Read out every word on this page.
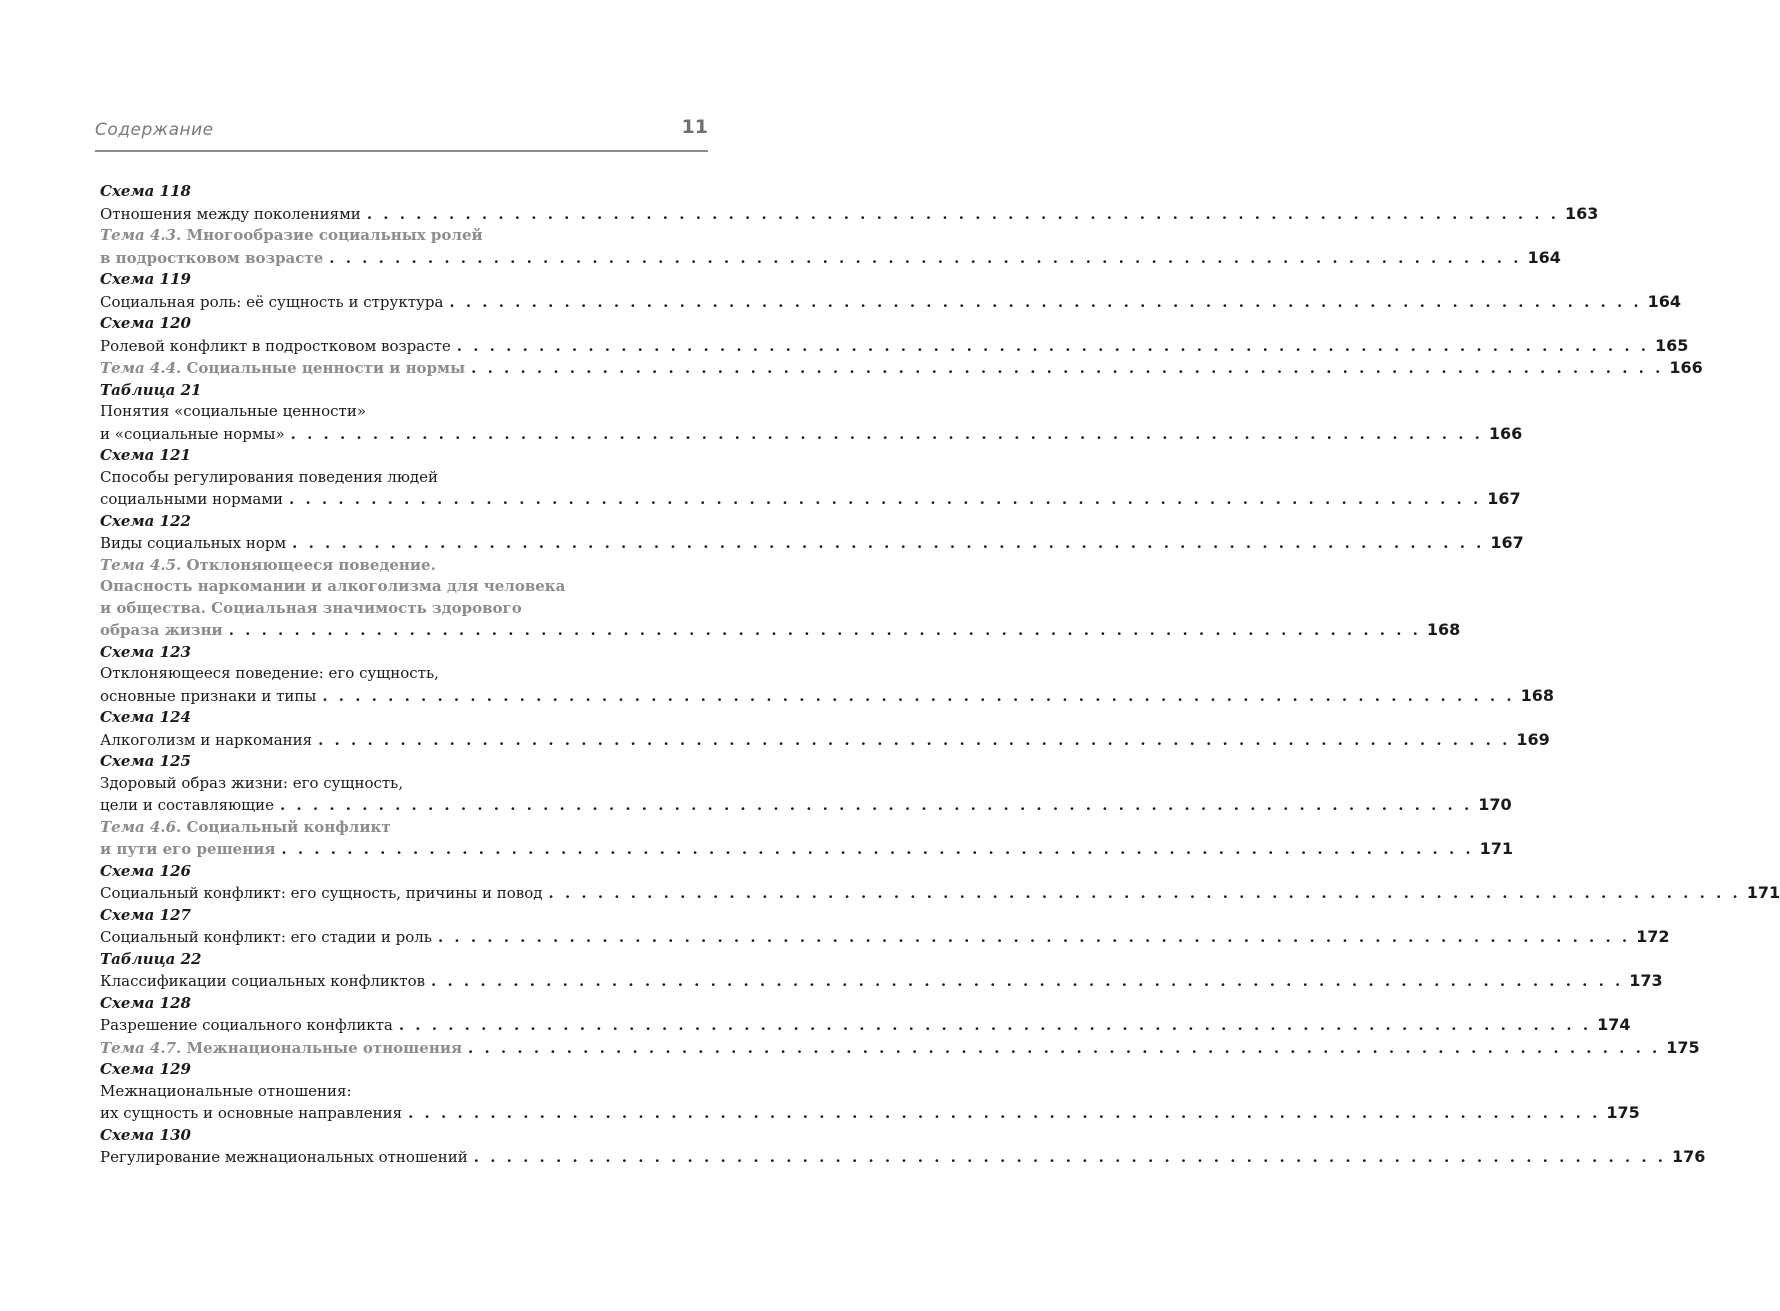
Содержание	11
Схема 118
Отношения между поколениями . . . . . . . . . . . . . . . . . . . . . . . . . . . . . . . . . . . . . . . . . . . . . . . . . . . . . . . . . . . . . . . . . . . . . . . . . 163
Тема 4.3. Многообразие социальных ролей
в подростковом возрасте . . . . . . . . . . . . . . . . . . . . . . . . . . . . . . . . . . . . . . . . . . . . . . . . . . . . . . . . . . . . . . . . . . . . . . . . . 164
Схема 119
Социальная роль: её сущность и структура . . . . . . . . . . . . . . . . . . . . . . . . . . . . . . . . . . . . . . . . . . . . . . . . . . . . . . . . . . . . . . . . . . . . . . . . . 164
Схема 120
Ролевой конфликт в подростковом возрасте . . . . . . . . . . . . . . . . . . . . . . . . . . . . . . . . . . . . . . . . . . . . . . . . . . . . . . . . . . . . . . . . . . . . . . . . . 165
Тема 4.4. Социальные ценности и нормы . . . . . . . . . . . . . . . . . . . . . . . . . . . . . . . . . . . . . . . . . . . . . . . . . . . . . . . . . . . . . . . . . . . . . . . . . 166
Таблица 21
Понятия «социальные ценности»
и «социальные нормы» . . . . . . . . . . . . . . . . . . . . . . . . . . . . . . . . . . . . . . . . . . . . . . . . . . . . . . . . . . . . . . . . . . . . . . . . . 166
Схема 121
Способы регулирования поведения людей
социальными нормами . . . . . . . . . . . . . . . . . . . . . . . . . . . . . . . . . . . . . . . . . . . . . . . . . . . . . . . . . . . . . . . . . . . . . . . . . 167
Схема 122
Виды социальных норм . . . . . . . . . . . . . . . . . . . . . . . . . . . . . . . . . . . . . . . . . . . . . . . . . . . . . . . . . . . . . . . . . . . . . . . . . 167
Тема 4.5. Отклоняющееся поведение.
Опасность наркомании и алкоголизма для человека
и общества. Социальная значимость здорового
образа жизни . . . . . . . . . . . . . . . . . . . . . . . . . . . . . . . . . . . . . . . . . . . . . . . . . . . . . . . . . . . . . . . . . . . . . . . . . 168
Схема 123
Отклоняющееся поведение: его сущность,
основные признаки и типы . . . . . . . . . . . . . . . . . . . . . . . . . . . . . . . . . . . . . . . . . . . . . . . . . . . . . . . . . . . . . . . . . . . . . . . . . 168
Схема 124
Алкоголизм и наркомания . . . . . . . . . . . . . . . . . . . . . . . . . . . . . . . . . . . . . . . . . . . . . . . . . . . . . . . . . . . . . . . . . . . . . . . . . 169
Схема 125
Здоровый образ жизни: его сущность,
цели и составляющие . . . . . . . . . . . . . . . . . . . . . . . . . . . . . . . . . . . . . . . . . . . . . . . . . . . . . . . . . . . . . . . . . . . . . . . . . 170
Тема 4.6. Социальный конфликт
и пути его решения . . . . . . . . . . . . . . . . . . . . . . . . . . . . . . . . . . . . . . . . . . . . . . . . . . . . . . . . . . . . . . . . . . . . . . . . . 171
Схема 126
Социальный конфликт: его сущность, причины и повод . . . . . . . . . . . . . . . . . . . . . . . . . . . . . . . . . . . . . . . . . . . . . . . . . . . . . . . . . . . . . . . . . . . . . . . . . 171
Схема 127
Социальный конфликт: его стадии и роль . . . . . . . . . . . . . . . . . . . . . . . . . . . . . . . . . . . . . . . . . . . . . . . . . . . . . . . . . . . . . . . . . . . . . . . . . 172
Таблица 22
Классификации социальных конфликтов . . . . . . . . . . . . . . . . . . . . . . . . . . . . . . . . . . . . . . . . . . . . . . . . . . . . . . . . . . . . . . . . . . . . . . . . . 173
Схема 128
Разрешение социального конфликта . . . . . . . . . . . . . . . . . . . . . . . . . . . . . . . . . . . . . . . . . . . . . . . . . . . . . . . . . . . . . . . . . . . . . . . . . 174
Тема 4.7. Межнациональные отношения . . . . . . . . . . . . . . . . . . . . . . . . . . . . . . . . . . . . . . . . . . . . . . . . . . . . . . . . . . . . . . . . . . . . . . . . . 175
Схема 129
Межнациональные отношения:
их сущность и основные направления . . . . . . . . . . . . . . . . . . . . . . . . . . . . . . . . . . . . . . . . . . . . . . . . . . . . . . . . . . . . . . . . . . . . . . . . . 175
Схема 130
Регулирование межнациональных отношений . . . . . . . . . . . . . . . . . . . . . . . . . . . . . . . . . . . . . . . . . . . . . . . . . . . . . . . . . . . . . . . . . . . . . . . . . 176
